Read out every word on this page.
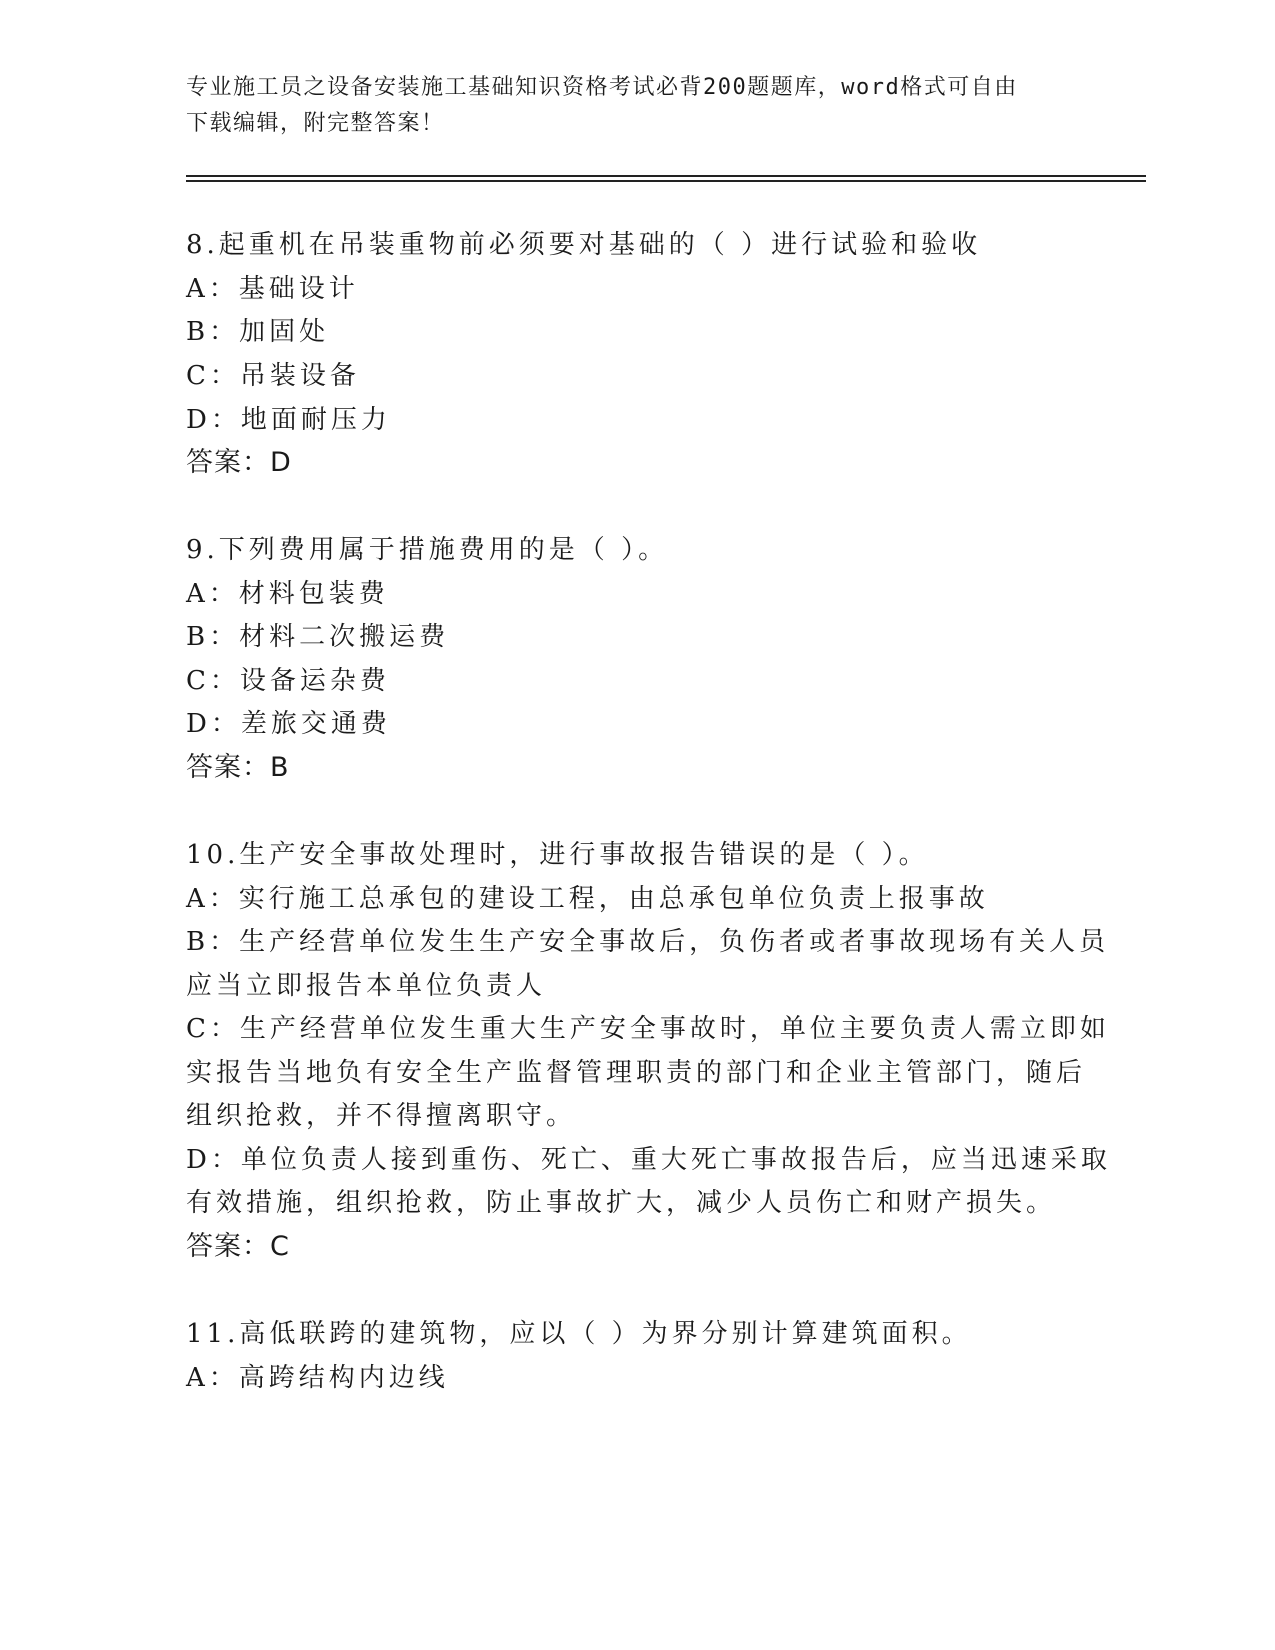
专业施工员之设备安装施工基础知识资格考试必背200题题库，word格式可自由
下载编辑，附完整答案！
8.起重机在吊装重物前必须要对基础的（ ）进行试验和验收
A：基础设计
B：加固处
C：吊装设备
D：地面耐压力
答案：D
9.下列费用属于措施费用的是（ ）。
A：材料包装费
B：材料二次搬运费
C：设备运杂费
D：差旅交通费
答案：B
10.生产安全事故处理时，进行事故报告错误的是（ ）。
A：实行施工总承包的建设工程，由总承包单位负责上报事故
B：生产经营单位发生生产安全事故后，负伤者或者事故现场有关人员
应当立即报告本单位负责人
C：生产经营单位发生重大生产安全事故时，单位主要负责人需立即如
实报告当地负有安全生产监督管理职责的部门和企业主管部门，随后
组织抢救，并不得擅离职守。
D：单位负责人接到重伤、死亡、重大死亡事故报告后，应当迅速采取
有效措施，组织抢救，防止事故扩大，减少人员伤亡和财产损失。
答案：C
11.高低联跨的建筑物，应以（ ）为界分别计算建筑面积。
A：高跨结构内边线
